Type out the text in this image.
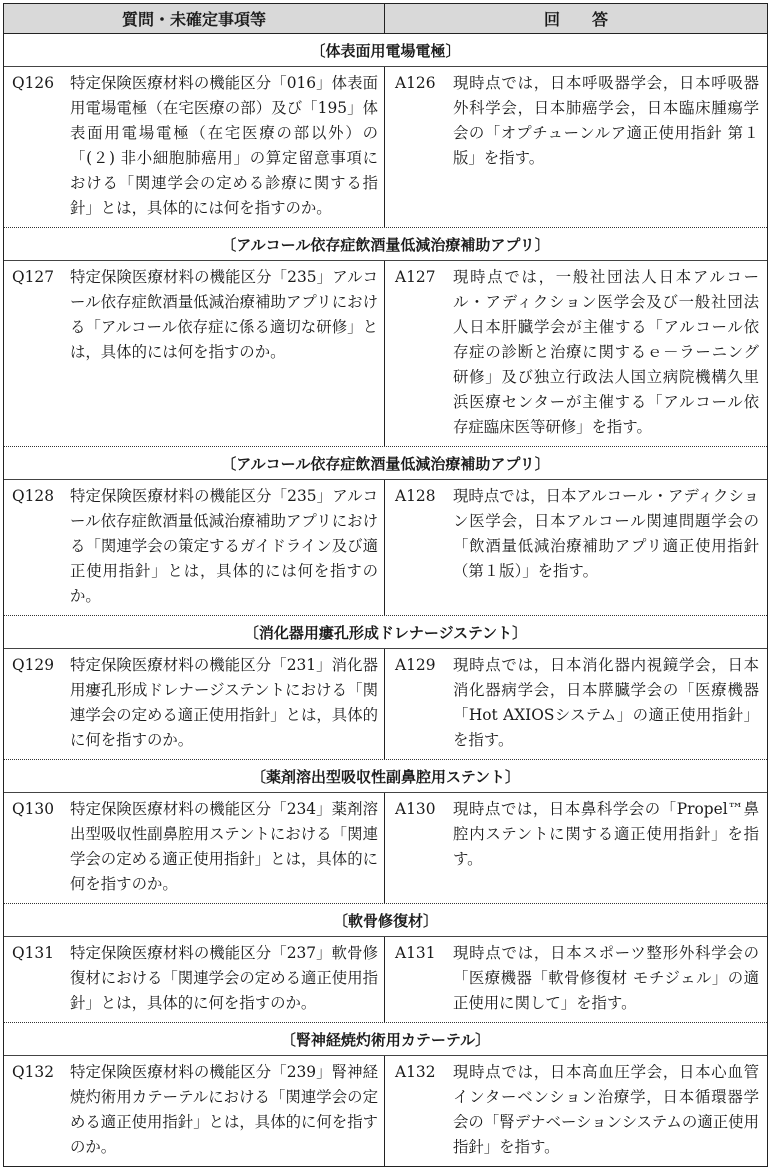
質問・未確定事項等	回　　答
〔体表面用電場電極〕
Q126	特定保険医療材料の機能区分「016」体表面用電場電極（在宅医療の部）及び「195」体表面用電場電極（在宅医療の部以外）の「(２) 非小細胞肺癌用」の算定留意事項における「関連学会の定める診療に関する指針」とは，具体的には何を指すのか。
A126	現時点では，日本呼吸器学会，日本呼吸器外科学会，日本肺癌学会，日本臨床腫瘍学会の「オプチューンルア適正使用指針 第１版」を指す。
〔アルコール依存症飲酒量低減治療補助アプリ〕
Q127	特定保険医療材料の機能区分「235」アルコール依存症飲酒量低減治療補助アプリにおける「アルコール依存症に係る適切な研修」とは，具体的には何を指すのか。
A127	現時点では，一般社団法人日本アルコール・アディクション医学会及び一般社団法人日本肝臓学会が主催する「アルコール依存症の診断と治療に関するｅ－ラーニング研修」及び独立行政法人国立病院機構久里浜医療センターが主催する「アルコール依存症臨床医等研修」を指す。
〔アルコール依存症飲酒量低減治療補助アプリ〕
Q128	特定保険医療材料の機能区分「235」アルコール依存症飲酒量低減治療補助アプリにおける「関連学会の策定するガイドライン及び適正使用指針」とは，具体的には何を指すのか。
A128	現時点では，日本アルコール・アディクション医学会，日本アルコール関連問題学会の「飲酒量低減治療補助アプリ適正使用指針（第１版）」を指す。
〔消化器用瘻孔形成ドレナージステント〕
Q129	特定保険医療材料の機能区分「231」消化器用瘻孔形成ドレナージステントにおける「関連学会の定める適正使用指針」とは，具体的に何を指すのか。
A129	現時点では，日本消化器内視鏡学会，日本消化器病学会，日本膵臓学会の「医療機器「Hot AXIOSシステム」の適正使用指針」を指す。
〔薬剤溶出型吸収性副鼻腔用ステント〕
Q130	特定保険医療材料の機能区分「234」薬剤溶出型吸収性副鼻腔用ステントにおける「関連学会の定める適正使用指針」とは，具体的に何を指すのか。
A130	現時点では，日本鼻科学会の「Propel™鼻腔内ステントに関する適正使用指針」を指す。
〔軟骨修復材〕
Q131	特定保険医療材料の機能区分「237」軟骨修復材における「関連学会の定める適正使用指針」とは，具体的に何を指すのか。
A131	現時点では，日本スポーツ整形外科学会の「医療機器「軟骨修復材 モチジェル」の適正使用に関して」を指す。
〔腎神経焼灼術用カテーテル〕
Q132	特定保険医療材料の機能区分「239」腎神経焼灼術用カテーテルにおける「関連学会の定める適正使用指針」とは，具体的に何を指すのか。
A132	現時点では，日本高血圧学会，日本心血管インターベンション治療学，日本循環器学会の「腎デナベーションシステムの適正使用指針」を指す。
